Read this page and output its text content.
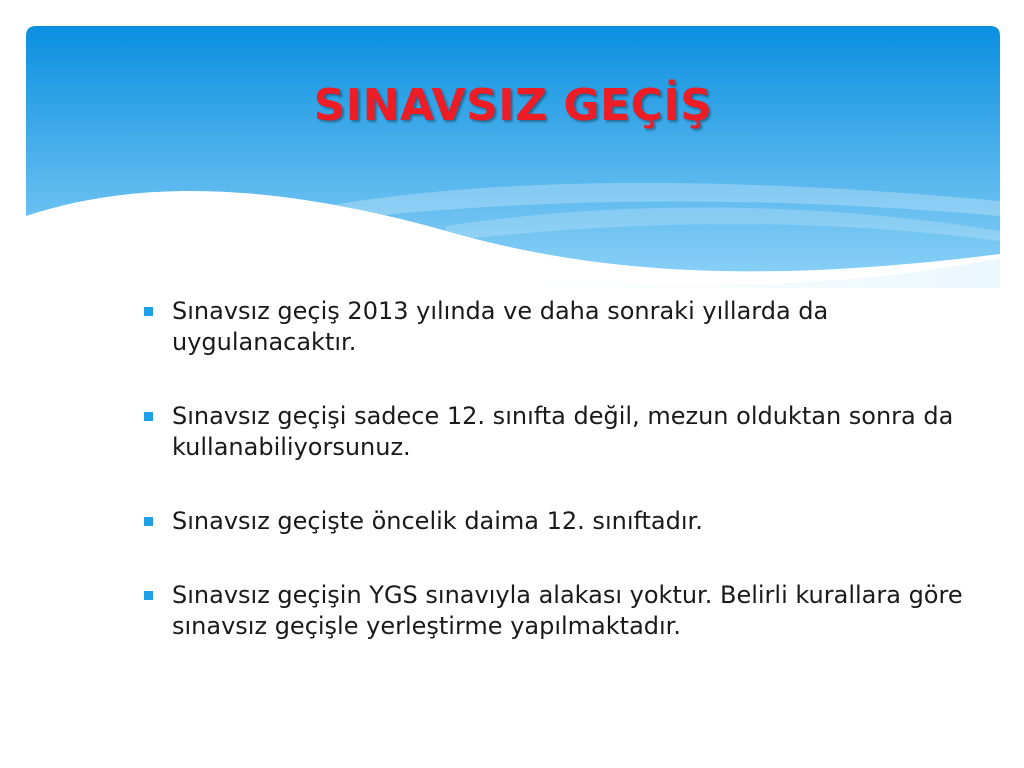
SINAVSIZ GEÇİŞ
Sınavsız geçiş 2013 yılında ve daha sonraki yıllarda da uygulanacaktır.
Sınavsız geçişi sadece 12. sınıfta değil, mezun olduktan sonra da kullanabiliyorsunuz.
Sınavsız geçişte öncelik daima 12. sınıftadır.
Sınavsız geçişin YGS sınavıyla alakası yoktur. Belirli kurallara göre sınavsız geçişle yerleştirme yapılmaktadır.
